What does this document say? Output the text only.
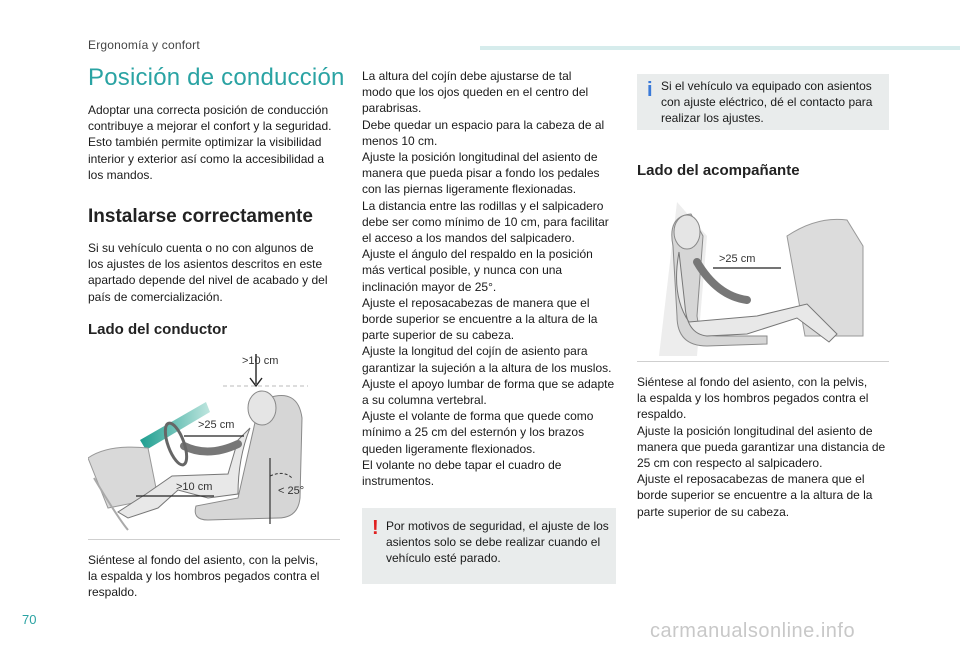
Ergonomía y confort
Posición de conducción
Adoptar una correcta posición de conducción
contribuye a mejorar el confort y la seguridad.
Esto también permite optimizar la visibilidad
interior y exterior así como la accesibilidad a
los mandos.
Instalarse correctamente
Si su vehículo cuenta o no con algunos de
los ajustes de los asientos descritos en este
apartado depende del nivel de acabado y del
país de comercialización.
Lado del conductor
>10 cm
>25 cm
>10 cm	< 25°
Siéntese al fondo del asiento, con la pelvis,
la espalda y los hombros pegados contra el
respaldo.
La altura del cojín debe ajustarse de tal
modo que los ojos queden en el centro del
parabrisas.
Debe quedar un espacio para la cabeza de al
menos 10 cm.
Ajuste la posición longitudinal del asiento de
manera que pueda pisar a fondo los pedales
con las piernas ligeramente flexionadas.
La distancia entre las rodillas y el salpicadero
debe ser como mínimo de 10 cm, para facilitar
el acceso a los mandos del salpicadero.
Ajuste el ángulo del respaldo en la posición
más vertical posible, y nunca con una
inclinación mayor de 25°.
Ajuste el reposacabezas de manera que el
borde superior se encuentre a la altura de la
parte superior de su cabeza.
Ajuste la longitud del cojín de asiento para
garantizar la sujeción a la altura de los muslos.
Ajuste el apoyo lumbar de forma que se adapte
a su columna vertebral.
Ajuste el volante de forma que quede como
mínimo a 25 cm del esternón y los brazos
queden ligeramente flexionados.
El volante no debe tapar el cuadro de
instrumentos.
! Por motivos de seguridad, el ajuste de los
asientos solo se debe realizar cuando el
vehículo esté parado.
i Si el vehículo va equipado con asientos
con ajuste eléctrico, dé el contacto para
realizar los ajustes.
Lado del acompañante
>25 cm
Siéntese al fondo del asiento, con la pelvis,
la espalda y los hombros pegados contra el
respaldo.
Ajuste la posición longitudinal del asiento de
manera que pueda garantizar una distancia de
25 cm con respecto al salpicadero.
Ajuste el reposacabezas de manera que el
borde superior se encuentre a la altura de la
parte superior de su cabeza.
70
carmanualsonline.info
